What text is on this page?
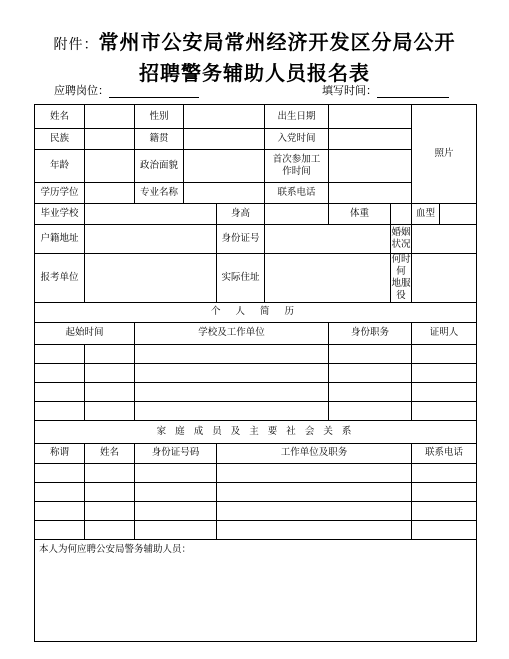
附件：常州市公安局常州经济开发区分局公开
招聘警务辅助人员报名表
应聘岗位：	填写时间：
姓名		性别			出生日期			照片	
民族		籍贯			入党时间				
年龄		政治面貌			首次参加工
作时间				
学历学位		专业名称			联系电话				
毕业学校				身高		体重		血型	
户籍地址				身份证号			婚姻
状况		
报考单位				实际住址			何时何
地服役		
个 人 简 历									
起始时间		学校及工作单位				身份职务		证明人	

家 庭 成 员 及 主 要 社 会 关 系									
称谓	姓名	身份证号码		工作单位及职务				联系电话	

本人为何应聘公安局警务辅助人员：									
